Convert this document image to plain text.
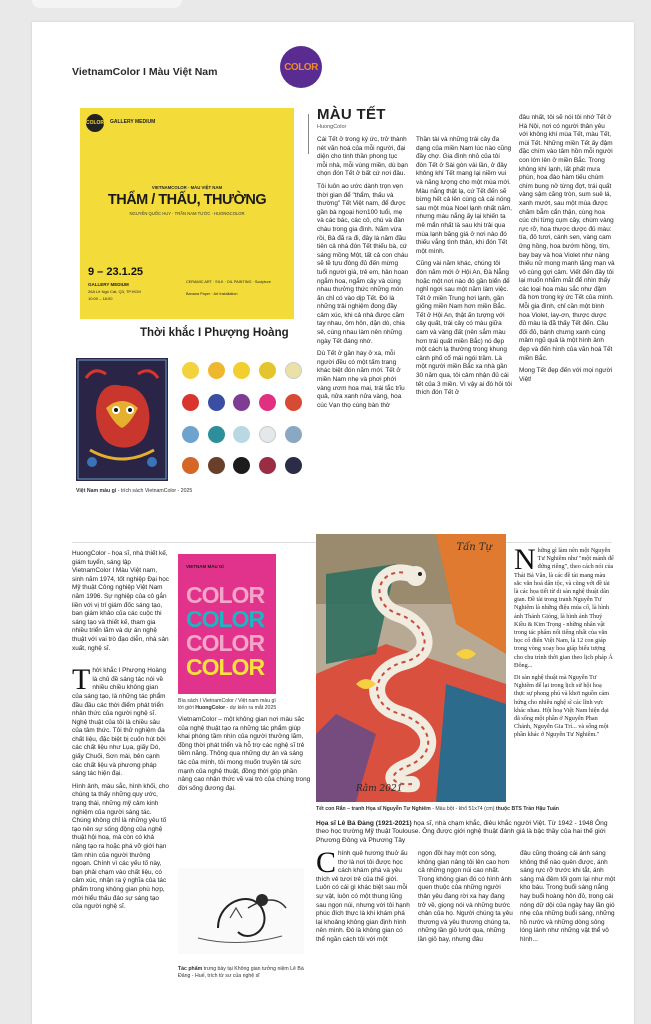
VietnamColor I Màu Việt Nam	COLOR
COLOR GALLERY MEDIUM
VIETNAMCOLOR · MÀU VIỆT NAM
THẨM / THẤU, THƯỜNG
NGUYỄN QUỐC HUY · TRẦN NAM TƯỚC · HUONGCOLOR
9 – 23.1.25
GALLERY MEDIUM
26A Lê Ngô Cát, Q3, TP.HCM
10:00 – 18:00
CERAMIC ART · SILK · OIL PAINTING · Sculpture
Banana Paper · Art Installation
Thời khắc I Phượng Hoàng
Việt Nam màu gì - trích sách VietnamColor - 2025
MÀU TẾT
HuongColor

Cái Tết ở trong ký ức, trở thành nét văn hoá của mỗi người, đại diện cho tinh thần phong tục mỗi nhà, mỗi vùng miền, dù bạn chọn đón Tết ở bất cứ nơi đâu.

Tôi luôn ao ước dành trọn vẹn thời gian để "thẩm, thấu và thường" Tết Việt nam, để được gần bà ngoại hơn100 tuổi, mẹ và các bác, các cô, chú và đàn cháu trong gia đình. Năm vừa rồi, Bà đã ra đi, đây là năm đầu tiên cả nhà đón Tết thiếu bà, cứ sáng mồng Một, tất cả con cháu sẽ tề tựu đông đủ đến mừng tuổi người già, trẻ em, hân hoan ngắm hoa, ngắm cây và cùng nhau thưởng thức những món ăn chỉ có vào dịp Tết. Đó là những trải nghiệm đong đầy cảm xúc, khi cả nhà được cầm tay nhau, ôm hôn, dặn dò, chia sẻ, cùng nhau làm nên những ngày Tết đáng nhớ.

Dù Tết ở gần hay ở xa, mỗi người đều có một tấm trang khác biệt đón năm mới. Tết ở miền Nam nhẹ và phơi phới vàng ươm hoa mai, trái tắc trĩu quả, nửa xanh nửa vàng, hoa cúc Vạn thọ cùng bàn thờ

Thần tài và những trái cây đa dạng của miền Nam lúc nào cũng đầy chợ. Gia đình nhỏ của tôi đón Tết ở Sài gòn vài lần, ở đây không khí Tết mang lại niềm vui và năng lượng cho một mùa mới. Màu nắng thật lạ, cứ Tết đến sẽ bừng hết cả lên cùng cả cái nóng sau một mùa Noel lạnh nhất năm, nhưng màu nắng ấy lại khiến ta mê mẩn nhất là sau khi trải qua mùa lạnh băng giá ở nơi nào đó thiếu vắng tình thân, khi đón Tết một mình.

Cũng vài năm khác, chúng tôi đón năm mới ở Hội An, Đà Nẵng hoặc một nơi nào đó gần biển để nghỉ ngơi sau một năm làm việc. Tết ở miền Trung hơi lạnh, gần giống miền Nam hơn miền Bắc. Tết ở Hội An, thật ấn tượng với cây quất, trái cây có màu giữa cam và vàng đất (nên sắm màu hơn trái quất miền Bắc) nó đẹp một cách lạ thường trong khung cảnh phố cổ mái ngói trầm. Là một người miền Bắc xa nhà gần 30 năm qua, tôi cảm nhận đủ cái tết của 3 miền. Vì vậy ai đó hỏi tôi thích đón Tết ở

đâu nhất, tôi sẽ nói tôi nhớ Tết ở Hà Nội, nơi có người thân yêu với không khí mùa Tết, màu Tết, mùi Tết. Những miền Tết ấy đậm đặc chím vào tâm hồn mỗi người con lớn lên ở miền Bắc. Trong không khí lạnh, lất phất mưa phùn, hoa đào hàm tiếu chúm chím bung nở từng đợt, trái quất vàng sậm căng tròn, sum suê lá, xanh mướt, sau một mùa được chăm bẵm cẩn thận, cùng hoa cúc chi từng cụm cây, chùm vàng rực rỡ, hoa thược dược đủ màu: tía, đỏ tươi, cánh sen, vàng cam ửng hồng, hoa bướm hồng, tím, bay bay và hoa Violet như nàng thiếu nữ mong manh lặng mạn và vô cùng gợi cảm. Viết đến đây tôi lại muốn nhắm mắt để nhìn thấy các loại hoa màu sắc như đậm đà hơn trong ký ức Tết của mình. Mỗi gia đình, chỉ cần một bình hoa Violet, lay-ơn, thược dược đủ màu là đã thấy Tết đến. Cầu đối đỏ, bánh chưng xanh cùng mâm ngũ quả là một hình ảnh đẹp và đến hình của văn hoá Tết miền Bắc.

Mong Tết đẹp đến với mọi người Việt!

HuongColor - họa sĩ, nhà thiết kế, giám tuyển, sáng lập VietnamColor I Màu Việt nam, sinh năm 1974, tốt nghiệp Đại học Mỹ thuật Công nghiệp Việt Nam năm 1996. Sự nghiệp của cô gắn liền với vị trí giám đốc sáng tạo, ban giám khảo của các cuộc thi sáng tạo và thiết kế, tham gia nhiều triển lãm và dự án nghệ thuật với vai trò đạo diễn, nhà sản xuất, nghệ sĩ.

Thời khắc I Phượng Hoàng là chủ đề sáng tác nói về nhiều chiều không gian của sáng tạo, là những tác phẩm đầu đầu các thời điểm phát triển nhân thức của người nghệ sĩ. Nghệ thuật của tôi là chiều sâu của tâm thức. Tôi thử nghiệm đa chất liệu, đặc biệt bị cuốn hút bởi các chất liệu như Lụa, giấy Dó, giấy Chuối, Sơn mài, bên cạnh các chất liệu và phương pháp sáng tác hiện đại.

Hình ảnh, màu sắc, hình khối, cho chúng ta thấy những quy ước, trạng thái, những mỹ cảm kinh nghiệm của người sáng tác. Chúng không chỉ là những yêu tố tạo nên sự sống động của nghệ thuật hội hoạ, mà còn có khả năng tạo ra hoặc phá vỡ giới hạn tầm nhìn của người thưởng ngoạn. Chính vì các yếu tố này, bạn phải chạm vào chất liệu, có cảm xúc, nhận ra ý nghĩa của tác phẩm trong không gian phù hợp, mới hiểu thấu đáo sự sáng tạo của người nghệ sĩ.

VIETNAM MÀU GÌ
COLOR
COLOR
COLOR
COLOR
Bìa sách I VietnamColor / Việt nam màu gì
lời giới HuongColor - dự kiến ra mắt 2025
VietnamColor – một không gian nơi màu sắc của nghệ thuật tạo ra những tác phẩm giúp khai phóng tầm nhìn của người thưởng lãm, đồng thời phát triển và hỗ trợ các nghệ sĩ trẻ tiềm năng. Thông qua những dự án và sáng tác của mình, tôi mong muốn truyền tải sức mạnh của nghệ thuật, đồng thời góp phần nâng cao nhận thức về vai trò của chúng trong đời sống đương đại.
Tấn Tự
Rằm 2021
Tết con Rắn – tranh Họa sĩ Nguyễn Tư Nghiêm - Màu bột - khổ 51x74 (cm) thuộc BTS Trần Hậu Tuấn

Những gì làm nên một Nguyễn Tư Nghiêm như "một mảnh đế đứng riêng", theo cách nói của Thái Bá Vân, là các đề tài mang màu sắc văn hoá dân tộc, và cũng với đề tài là các họa tiết từ di sản nghệ thuật dân gian. Đề tài trong tranh Nguyễn Tư Nghiêm là những điệu múa cổ, là hình ảnh Thánh Gióng, là hình ảnh Thuý Kiều & Kim Trọng - những nhân vật trong tác phẩm nổi tiếng nhất của văn học cổ điển Việt Nam, là 12 con giáp trong vòng xoay hoa giáp biểu tượng cho chu trình thời gian theo lịch pháp Á Đông...

Di sản nghệ thuật mà Nguyễn Tư Nghiêm để lại trong lịch sử hội hoạ thực sự phong phú và khơi nguồn cảm hứng cho nhiều nghệ sĩ các lĩnh vực khác nhau. Hội hoạ Việt Nam hiện đại đã sống một phần ở Nguyễn Phan Chánh, Nguyễn Gia Trí... và sống một phần khác ở Nguyễn Tư Nghiêm."

Họa sĩ Lê Bá Đảng (1921-2021) họa sĩ, nhà chạm khắc, điêu khắc người Việt. Từ 1942 - 1948 Ông theo học trường Mỹ thuật Toulouse. Ông được giới nghệ thuật đánh giá là bậc thầy của hai thế giới Phương Đông và Phương Tây
Tác phẩm trưng bày tại Không gian tưởng niệm Lê Bá Đảng - Huế, trích từ sư của nghệ sĩ

Chính quê hương thuở ấu thơ là nơi tôi được học cách khám phá và yêu thích vẻ tươi trẻ của thế giới. Luôn có cái gì khác biệt sau mỗi sự vật, luôn có một thung lũng sau ngọn núi, nhưng với tôi hạnh phúc đích thực là khi khám phá lại khoảng không gian định hình nên mình. Đó là không gian có thể ngăn cách tôi với một

ngọn đồi hay một con sông, không gian nâng tôi lên cao hơn cả những ngọn núi cao nhất. Trong không gian đó có hình ảnh quen thuộc của những người thân yêu đang rời xa hay đang trở về, giọng nói và những bước chân của họ. Người chúng ta yêu thương và yêu thương chúng ta, những lần giỏ lướt qua, những lần giỏ bay, nhưng đâu
đâu cũng thoáng cái ánh sáng không thể nào quên được, ánh sáng rực rỡ trước khi tắt, ánh sáng mà đêm tối gom lại như một kho báu. Trong buổi sáng nắng hay buổi hoàng hôn đỏ, trong cái nóng dữ dội của ngày hay lần gió nhẹ của những buổi sáng, những hồ nước và những dòng sông lóng lánh như những vật thể vô hình...
